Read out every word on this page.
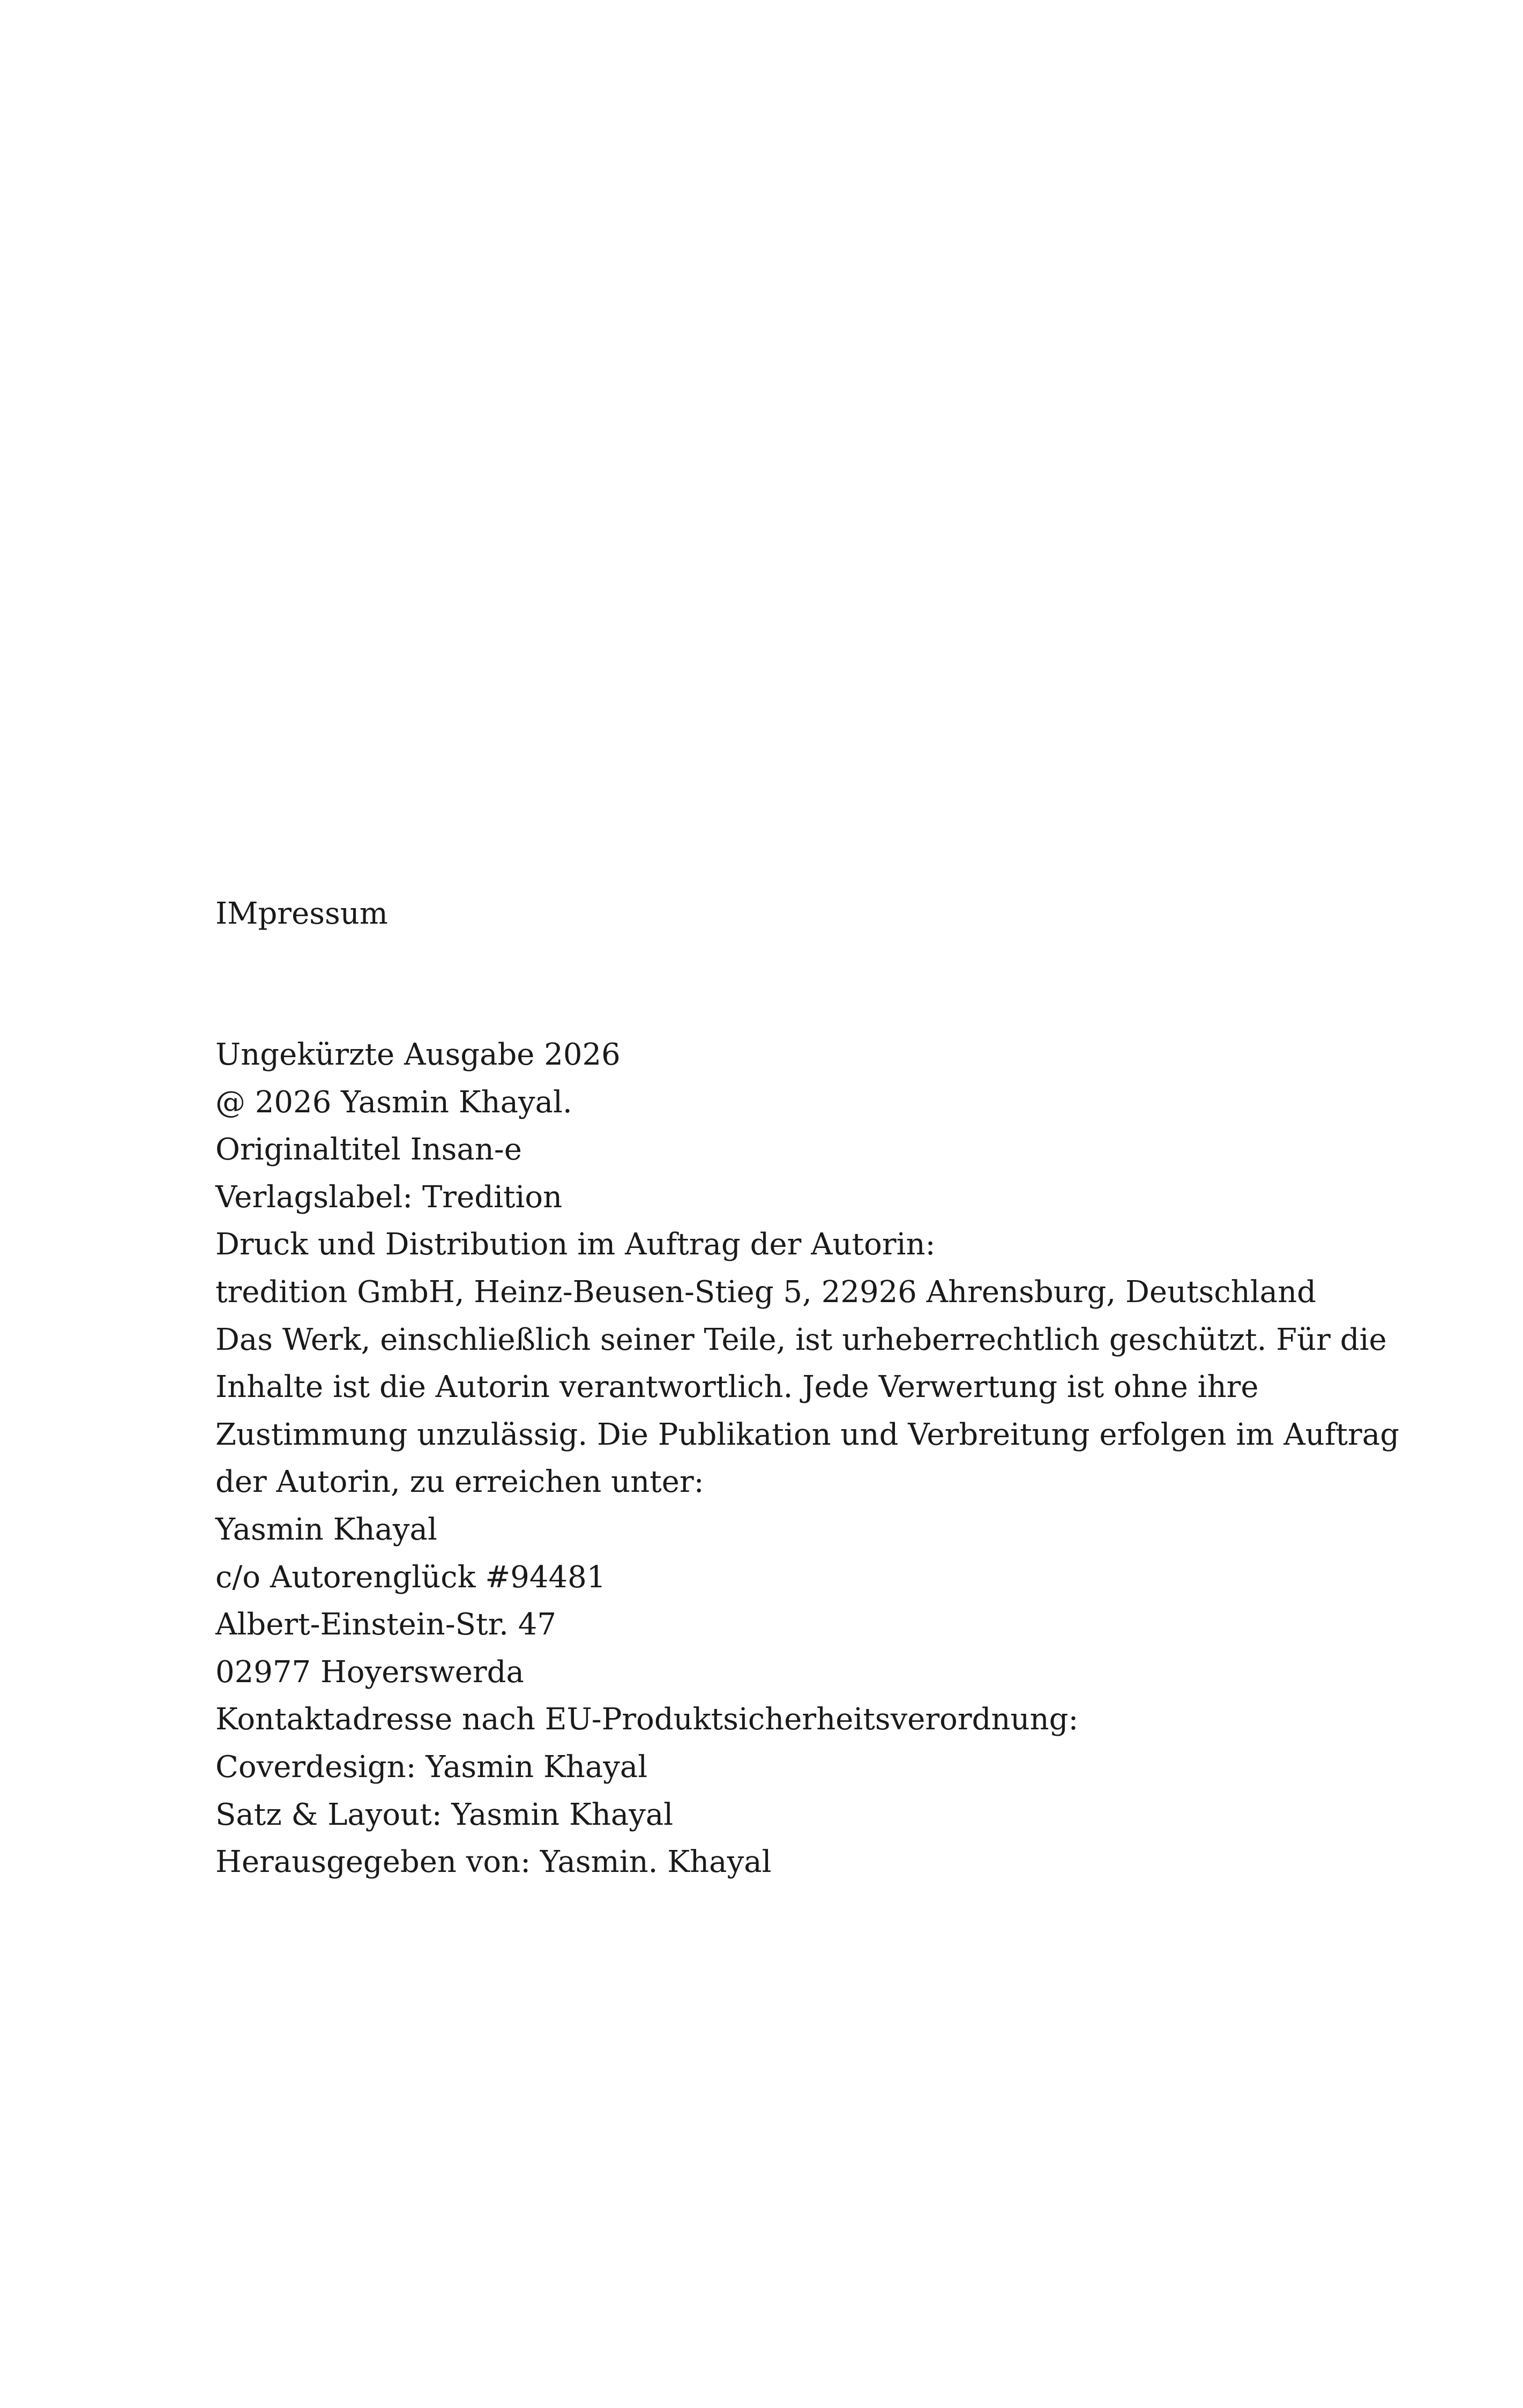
IMpressum
Ungekürzte Ausgabe 2026
@ 2026 Yasmin Khayal.
Originaltitel Insan-e
Verlagslabel: Tredition
Druck und Distribution im Auftrag der Autorin:
tredition GmbH, Heinz-Beusen-Stieg 5, 22926 Ahrensburg, Deutschland
Das Werk, einschließlich seiner Teile, ist urheberrechtlich geschützt. Für die
Inhalte ist die Autorin verantwortlich. Jede Verwertung ist ohne ihre
Zustimmung unzulässig. Die Publikation und Verbreitung erfolgen im Auftrag
der Autorin, zu erreichen unter:
Yasmin Khayal
c/o Autorenglück #94481
Albert-Einstein-Str. 47
02977 Hoyerswerda
Kontaktadresse nach EU-Produktsicherheitsverordnung:
Coverdesign: Yasmin Khayal
Satz & Layout: Yasmin Khayal
Herausgegeben von: Yasmin. Khayal
